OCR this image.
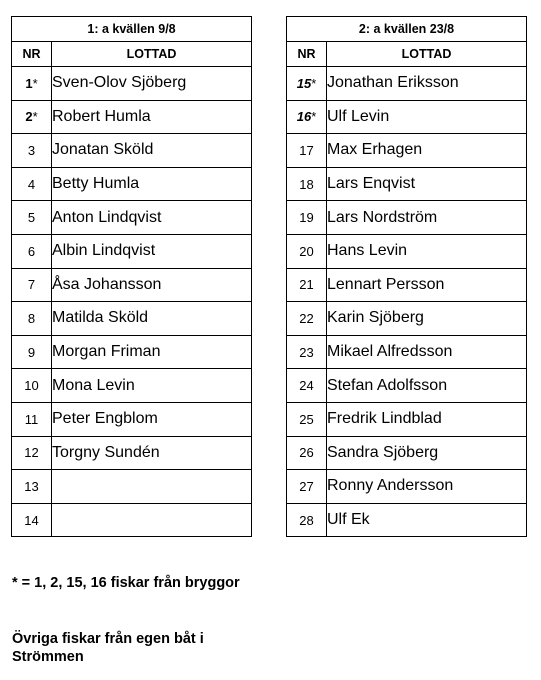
1: a kvällen 9/8	
NR	LOTTAD
1*	Sven-Olov Sjöberg
2*	Robert Humla
3	Jonatan Sköld
4	Betty Humla
5	Anton Lindqvist
6	Albin Lindqvist
7	Åsa Johansson
8	Matilda Sköld
9	Morgan Friman
10	Mona Levin
11	Peter Engblom
12	Torgny Sundén
13	
14	
2: a kvällen 23/8	
NR	LOTTAD
15*	Jonathan Eriksson
16*	Ulf Levin
17	Max Erhagen
18	Lars Enqvist
19	Lars Nordström
20	Hans Levin
21	Lennart Persson
22	Karin Sjöberg
23	Mikael Alfredsson
24	Stefan Adolfsson
25	Fredrik Lindblad
26	Sandra Sjöberg
27	Ronny Andersson
28	Ulf Ek

* = 1, 2, 15, 16 fiskar från bryggor

Övriga fiskar från egen båt i Strömmen
